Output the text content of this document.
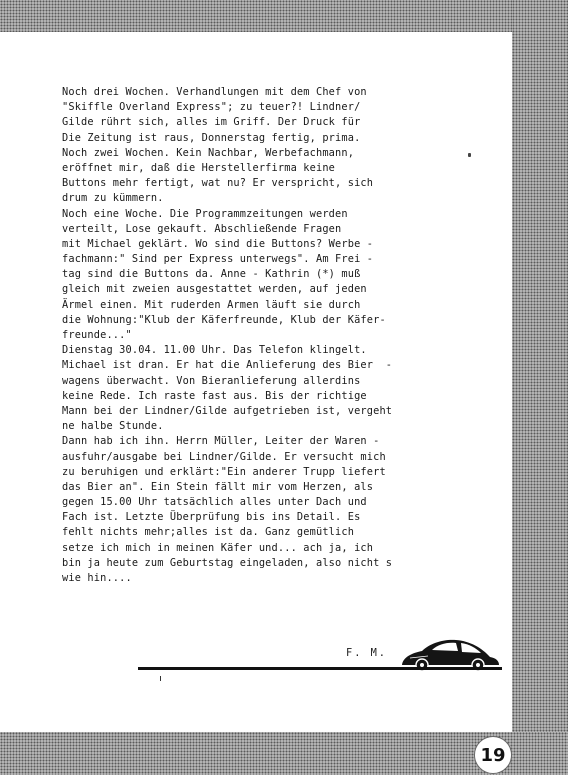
Noch drei Wochen. Verhandlungen mit dem Chef von
"Skiffle Overland Express"; zu teuer?! Lindner/
Gilde rührt sich, alles im Griff. Der Druck für
Die Zeitung ist raus, Donnerstag fertig, prima.
Noch zwei Wochen. Kein Nachbar, Werbefachmann,
eröffnet mir, daß die Herstellerfirma keine
Buttons mehr fertigt, wat nu? Er verspricht, sich
drum zu kümmern.
Noch eine Woche. Die Programmzeitungen werden
verteilt, Lose gekauft. Abschließende Fragen
mit Michael geklärt. Wo sind die Buttons? Werbe -
fachmann:" Sind per Express unterwegs". Am Frei -
tag sind die Buttons da. Anne - Kathrin (*) muß
gleich mit zweien ausgestattet werden, auf jeden
Ärmel einen. Mit ruderden Armen läuft sie durch
die Wohnung:"Klub der Käferfreunde, Klub der Käfer-
freunde..."
Dienstag 30.04. 11.00 Uhr. Das Telefon klingelt.
Michael ist dran. Er hat die Anlieferung des Bier  -
wagens überwacht. Von Bieranlieferung allerdins
keine Rede. Ich raste fast aus. Bis der richtige
Mann bei der Lindner/Gilde aufgetrieben ist, vergeht
ne halbe Stunde.
Dann hab ich ihn. Herrn Müller, Leiter der Waren -
ausfuhr/ausgabe bei Lindner/Gilde. Er versucht mich
zu beruhigen und erklärt:"Ein anderer Trupp liefert
das Bier an". Ein Stein fällt mir vom Herzen, als
gegen 15.00 Uhr tatsächlich alles unter Dach und
Fach ist. Letzte Überprüfung bis ins Detail. Es
fehlt nichts mehr;alles ist da. Ganz gemütlich
setze ich mich in meinen Käfer und... ach ja, ich
bin ja heute zum Geburtstag eingeladen, also nicht s
wie hin....
F. M.
19
